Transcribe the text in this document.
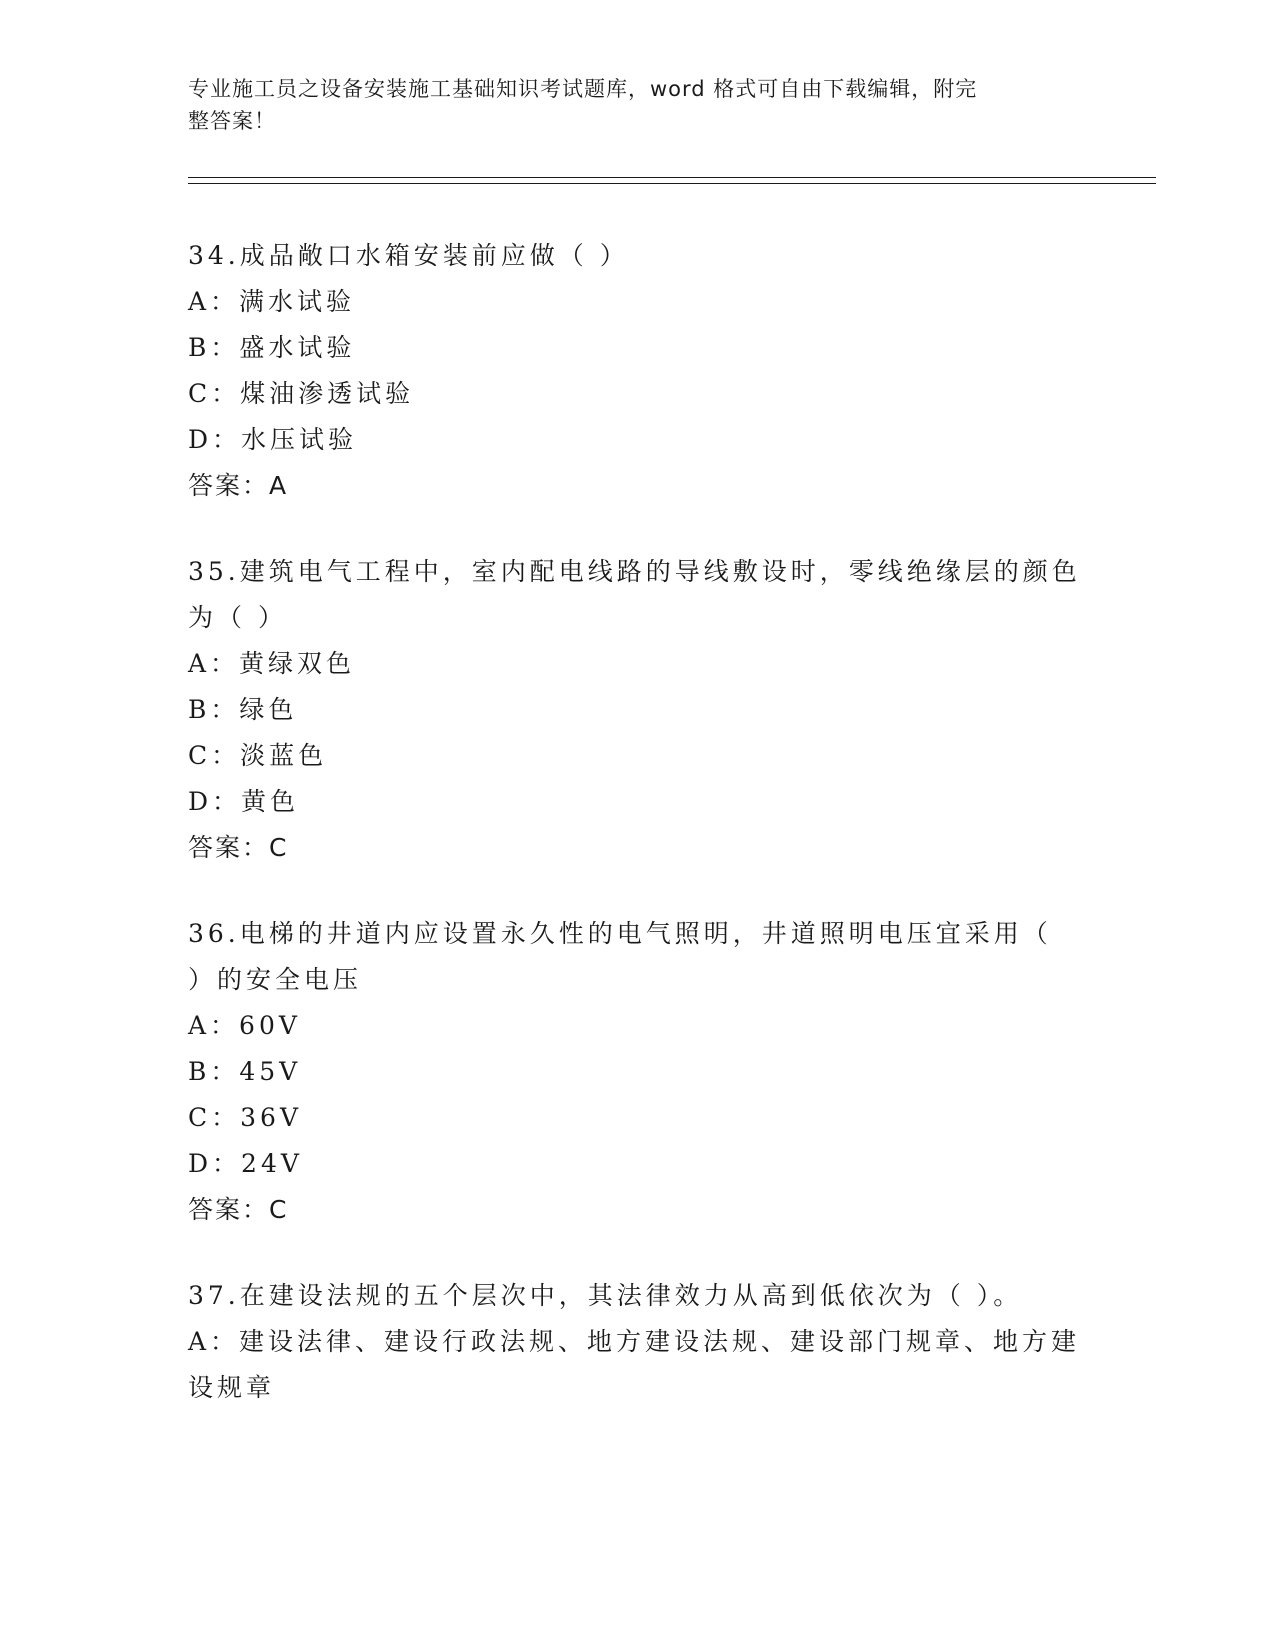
专业施工员之设备安装施工基础知识考试题库，word 格式可自由下载编辑，附完
整答案！
34.成品敞口水箱安装前应做（ ）
A：满水试验
B：盛水试验
C：煤油渗透试验
D：水压试验
答案：A
35.建筑电气工程中，室内配电线路的导线敷设时，零线绝缘层的颜色
为（ ）
A：黄绿双色
B：绿色
C：淡蓝色
D：黄色
答案：C
36.电梯的井道内应设置永久性的电气照明，井道照明电压宜采用（
）的安全电压
A：60V
B：45V
C：36V
D：24V
答案：C
37.在建设法规的五个层次中，其法律效力从高到低依次为（ ）。
A：建设法律、建设行政法规、地方建设法规、建设部门规章、地方建
设规章
